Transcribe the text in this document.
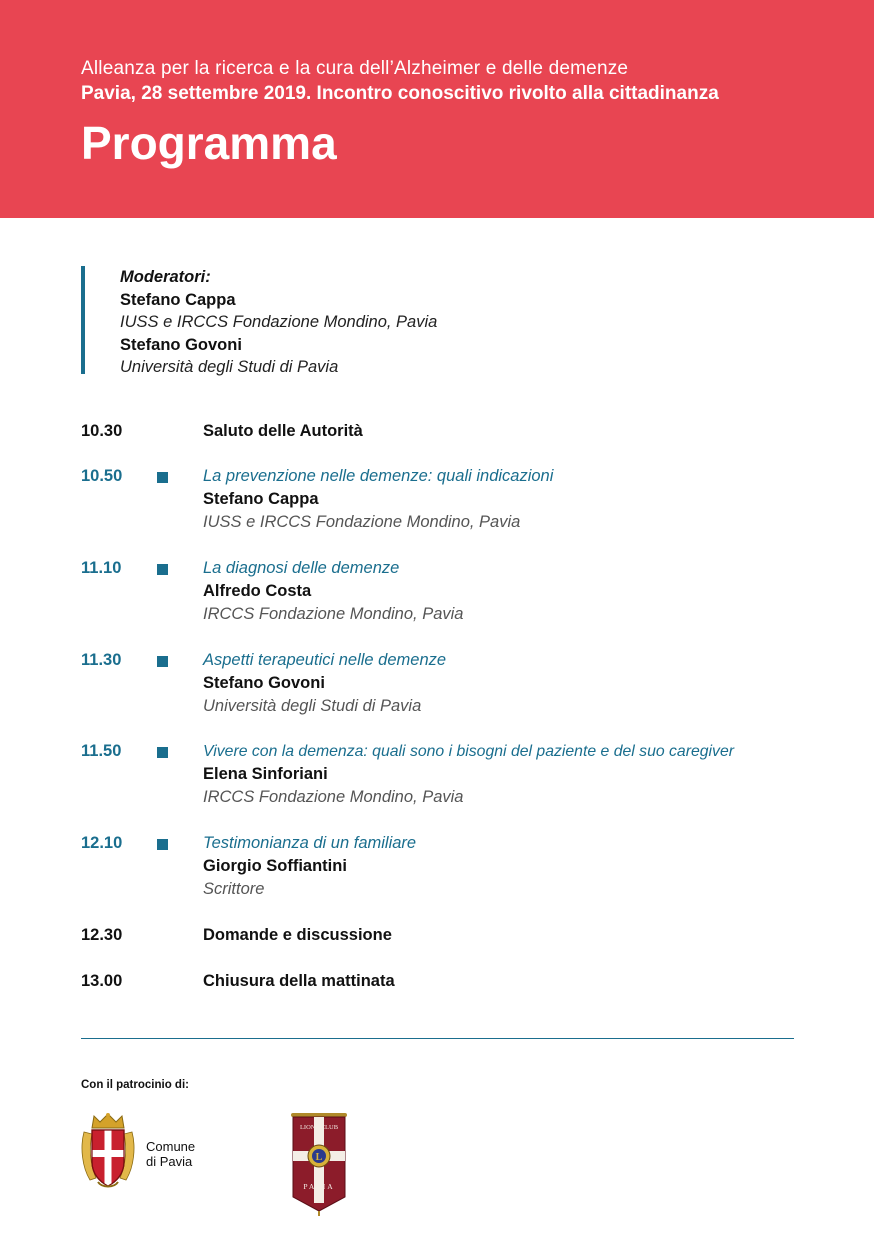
Alleanza per la ricerca e la cura dell’Alzheimer e delle demenze
Pavia, 28 settembre 2019. Incontro conoscitivo rivolto alla cittadinanza
Programma
Moderatori:
Stefano Cappa
IUSS e IRCCS Fondazione Mondino, Pavia
Stefano Govoni
Università degli Studi di Pavia
10.30	Saluto delle Autorità
10.50	La prevenzione nelle demenze: quali indicazioni
Stefano Cappa
IUSS e IRCCS Fondazione Mondino, Pavia
11.10	La diagnosi delle demenze
Alfredo Costa
IRCCS Fondazione Mondino, Pavia
11.30	Aspetti terapeutici nelle demenze
Stefano Govoni
Università degli Studi di Pavia
11.50	Vivere con la demenza: quali sono i bisogni del paziente e del suo caregiver
Elena Sinforiani
IRCCS Fondazione Mondino, Pavia
12.10	Testimonianza di un familiare
Giorgio Soffiantini
Scrittore
12.30	Domande e discussione
13.00	Chiusura della mattinata
Con il patrocinio di:
Comune
di Pavia	L
LIONS CLUB
PAVIA
